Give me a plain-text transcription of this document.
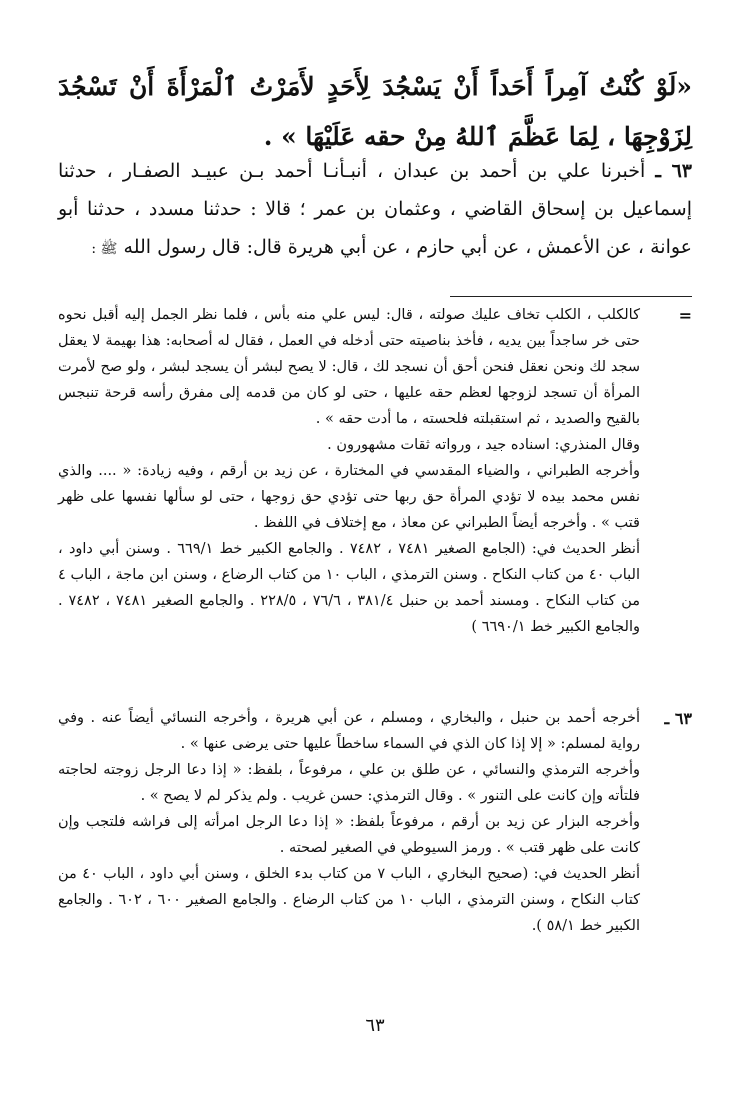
«لَوْ كُنْتُ آمِراً أَحَداً أَنْ يَسْجُدَ لِأَحَدٍ لأَمَرْتُ ٱلْمَرْأَةَ أَنْ تَسْجُدَ لِزَوْجِهَا ، لِمَا عَظَّمَ ٱللهُ مِنْ حقه عَلَيْهَا » .
٦٣ ـ أخبرنا علي بن أحمد بن عبدان ، أنبـأنـا أحمد بـن عبيـد الصفـار ، حدثنا إسماعيل بن إسحاق القاضي ، وعثمان بن عمر ؛ قالا : حدثنا مسدد ، حدثنا أبو عوانة ، عن الأعمش ، عن أبي حازم ، عن أبي هريرة قال: قال رسول الله ﷺ :
=

كالكلب ، الكلب تخاف عليك صولته ، قال: ليس علي منه بأس ، فلما نظر الجمل إليه أقبل نحوه حتى خر ساجداً بين يديه ، فأخذ بناصيته حتى أدخله في العمل ، فقال له أصحابه: هذا بهيمة لا يعقل سجد لك ونحن نعقل فنحن أحق أن نسجد لك ، قال: لا يصح لبشر أن يسجد لبشر ، ولو صح لأمرت المرأة أن تسجد لزوجها لعظم حقه عليها ، حتى لو كان من قدمه إلى مفرق رأسه قرحة تنبجس بالقيح والصديد ، ثم استقبلته فلحسته ، ما أدت حقه » .

وقال المنذري: اسناده جيد ، ورواته ثقات مشهورون .

وأخرجه الطبراني ، والضياء المقدسي في المختارة ، عن زيد بن أرقم ، وفيه زيادة: « .... والذي نفس محمد بيده لا تؤدي المرأة حق ربها حتى تؤدي حق زوجها ، حتى لو سألها نفسها على ظهر قتب » . وأخرجه أيضاً الطبراني عن معاذ ، مع إختلاف في اللفظ .

أنظر الحديث في: (الجامع الصغير ٧٤٨١ ، ٧٤٨٢ . والجامع الكبير خط ٦٦٩/١ . وسنن أبي داود ، الباب ٤٠ من كتاب النكاح . وسنن الترمذي ، الباب ١٠ من كتاب الرضاع ، وسنن ابن ماجة ، الباب ٤ من كتاب النكاح . ومسند أحمد بن حنبل ٣٨١/٤ ، ٧٦/٦ ، ٢٢٨/٥ . والجامع الصغير ٧٤٨١ ، ٧٤٨٢ . والجامع الكبير خط ٦٦٩٠/١ )

٦٣ ـ

أخرجه أحمد بن حنبل ، والبخاري ، ومسلم ، عن أبي هريرة ، وأخرجه النسائي أيضاً عنه . وفي رواية لمسلم: « إلا إذا كان الذي في السماء ساخطاً عليها حتى يرضى عنها » .

وأخرجه الترمذي والنسائي ، عن طلق بن علي ، مرفوعاً ، بلفظ: « إذا دعا الرجل زوجته لحاجته فلتأته وإن كانت على التنور » . وقال الترمذي: حسن غريب . ولم يذكر لم لا يصح » .

وأخرجه البزار عن زيد بن أرقم ، مرفوعاً بلفظ: « إذا دعا الرجل امرأته إلى فراشه فلتجب وإن كانت على ظهر قتب » . ورمز السيوطي في الصغير لصحته .

أنظر الحديث في: (صحيح البخاري ، الباب ٧ من كتاب بدء الخلق ، وسنن أبي داود ، الباب ٤٠ من كتاب النكاح ، وسنن الترمذي ، الباب ١٠ من كتاب الرضاع . والجامع الصغير ٦٠٠ ، ٦٠٢ . والجامع الكبير خط ٥٨/١ ).

٦٣
